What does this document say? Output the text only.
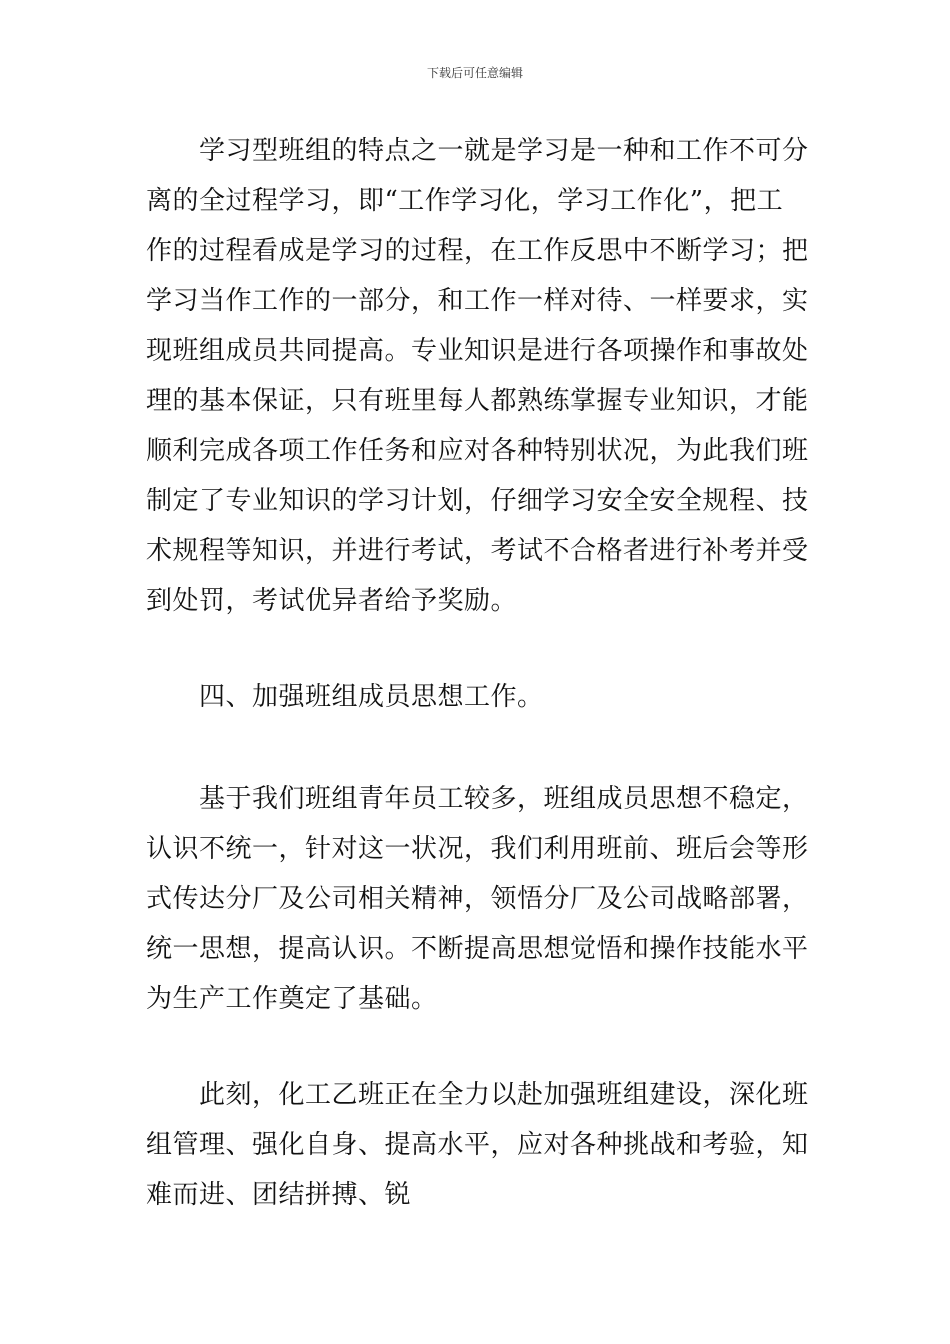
下载后可任意编辑
　　学习型班组的特点之一就是学习是一种和工作不可分
离的全过程学习，即“工作学习化，学习工作化”，把工
作的过程看成是学习的过程，在工作反思中不断学习；把
学习当作工作的一部分，和工作一样对待、一样要求，实
现班组成员共同提高。专业知识是进行各项操作和事故处
理的基本保证，只有班里每人都熟练掌握专业知识，才能
顺利完成各项工作任务和应对各种特别状况，为此我们班
制定了专业知识的学习计划，仔细学习安全安全规程、技
术规程等知识，并进行考试，考试不合格者进行补考并受
到处罚，考试优异者给予奖励。
　　四、加强班组成员思想工作。
　　基于我们班组青年员工较多，班组成员思想不稳定，
认识不统一，针对这一状况，我们利用班前、班后会等形
式传达分厂及公司相关精神，领悟分厂及公司战略部署，
统一思想，提高认识。不断提高思想觉悟和操作技能水平
为生产工作奠定了基础。
　　此刻，化工乙班正在全力以赴加强班组建设，深化班
组管理、强化自身、提高水平，应对各种挑战和考验，知
难而进、团结拼搏、锐
